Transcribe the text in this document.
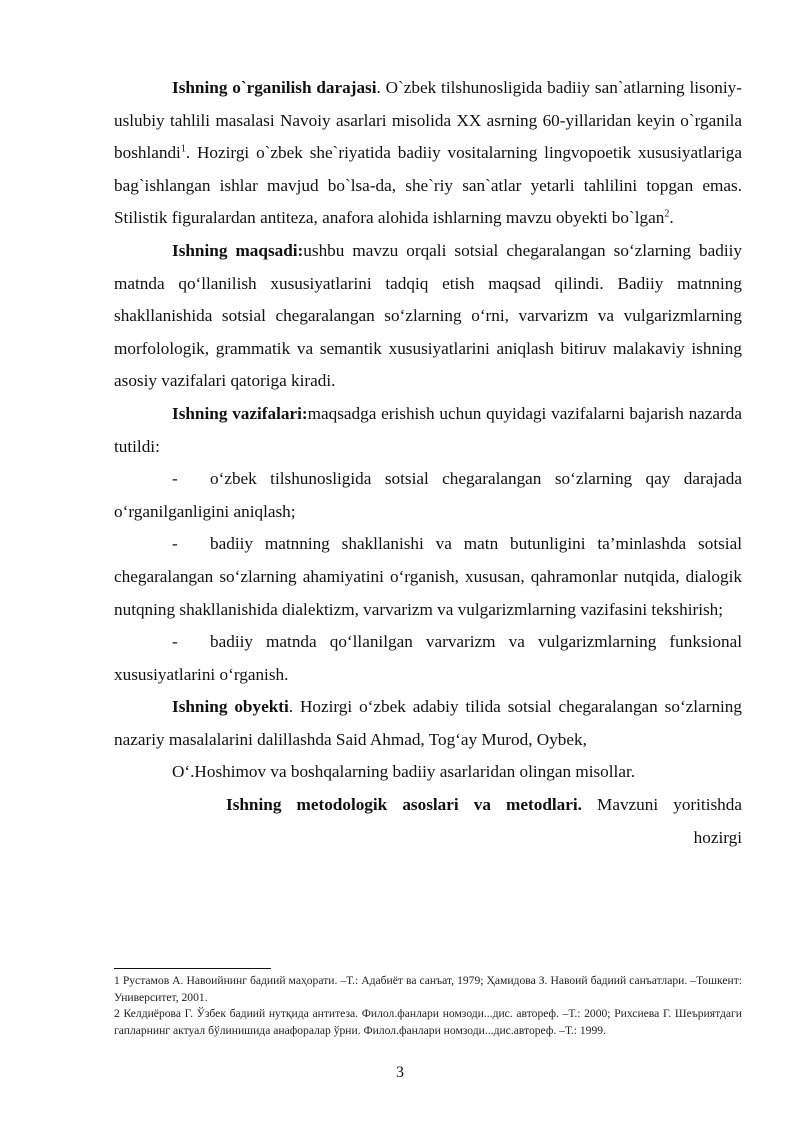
Ishning o`rganilish darajasi. O`zbek tilshunosligida badiiy san`atlarning lisoniy-uslubiy tahlili masalasi Navoiy asarlari misolida XX asrning 60-yillaridan keyin o`rganila boshlandi$^1$. Hozirgi o`zbek she`riyatida badiiy vositalarning lingvopoetik xususiyatlariga bag`ishlangan ishlar mavjud bo`lsa-da, she`riy san`atlar yetarli tahlilini topgan emas. Stilistik figuralardan antiteza, anafora alohida ishlarning mavzu obyekti bo`lgan$^2$.

Ishning maqsadi:ushbu mavzu orqali sotsial chegaralangan so‘zlarning badiiy matnda qo‘llanilish xususiyatlarini tadqiq etish maqsad qilindi. Badiiy matnning shakllanishida sotsial chegaralangan so‘zlarning o‘rni, varvarizm va vulgarizmlarning morfolologik, grammatik va semantik xususiyatlarini aniqlash bitiruv malakaviy ishning asosiy vazifalari qatoriga kiradi.

Ishning vazifalari:maqsadga erishish uchun quyidagi vazifalarni bajarish nazarda tutildi:

- o‘zbek tilshunosligida sotsial chegaralangan so‘zlarning qay darajada o‘rganilganligini aniqlash;

- badiiy matnning shakllanishi va matn butunligini ta’minlashda sotsial chegaralangan so‘zlarning ahamiyatini o‘rganish, xususan, qahramonlar nutqida, dialogik nutqning shakllanishida dialektizm, varvarizm va vulgarizmlarning vazifasini tekshirish;

- badiiy matnda qo‘llanilgan varvarizm va vulgarizmlarning funksional xususiyatlarini o‘rganish.

Ishning obyekti. Hozirgi o‘zbek adabiy tilida sotsial chegaralangan so‘zlarning nazariy masalalarini dalillashda Said Ahmad, Tog‘ay Murod, Oybek,

O‘.Hoshimov va boshqalarning badiiy asarlaridan olingan misollar.

Ishning metodologik asoslari va metodlari. Mavzuni yoritishda

hozirgi

1 Рустамов А. Навоийнинг бадиий маҳорати. –Т.: Адабиёт ва санъат, 1979; Ҳамидова З. Навоий бадиий санъатлари. –Тошкент: Университет, 2001.

2 Келдиёрова Г. Ўзбек бадиий нутқида антитеза. Филол.фанлари номзоди...дис. автореф. –Т.: 2000; Рихсиева Г. Шеъриятдаги гапларнинг актуал бўлинишида анафоралар ўрни. Филол.фанлари номзоди...дис.автореф. –Т.: 1999.

3
